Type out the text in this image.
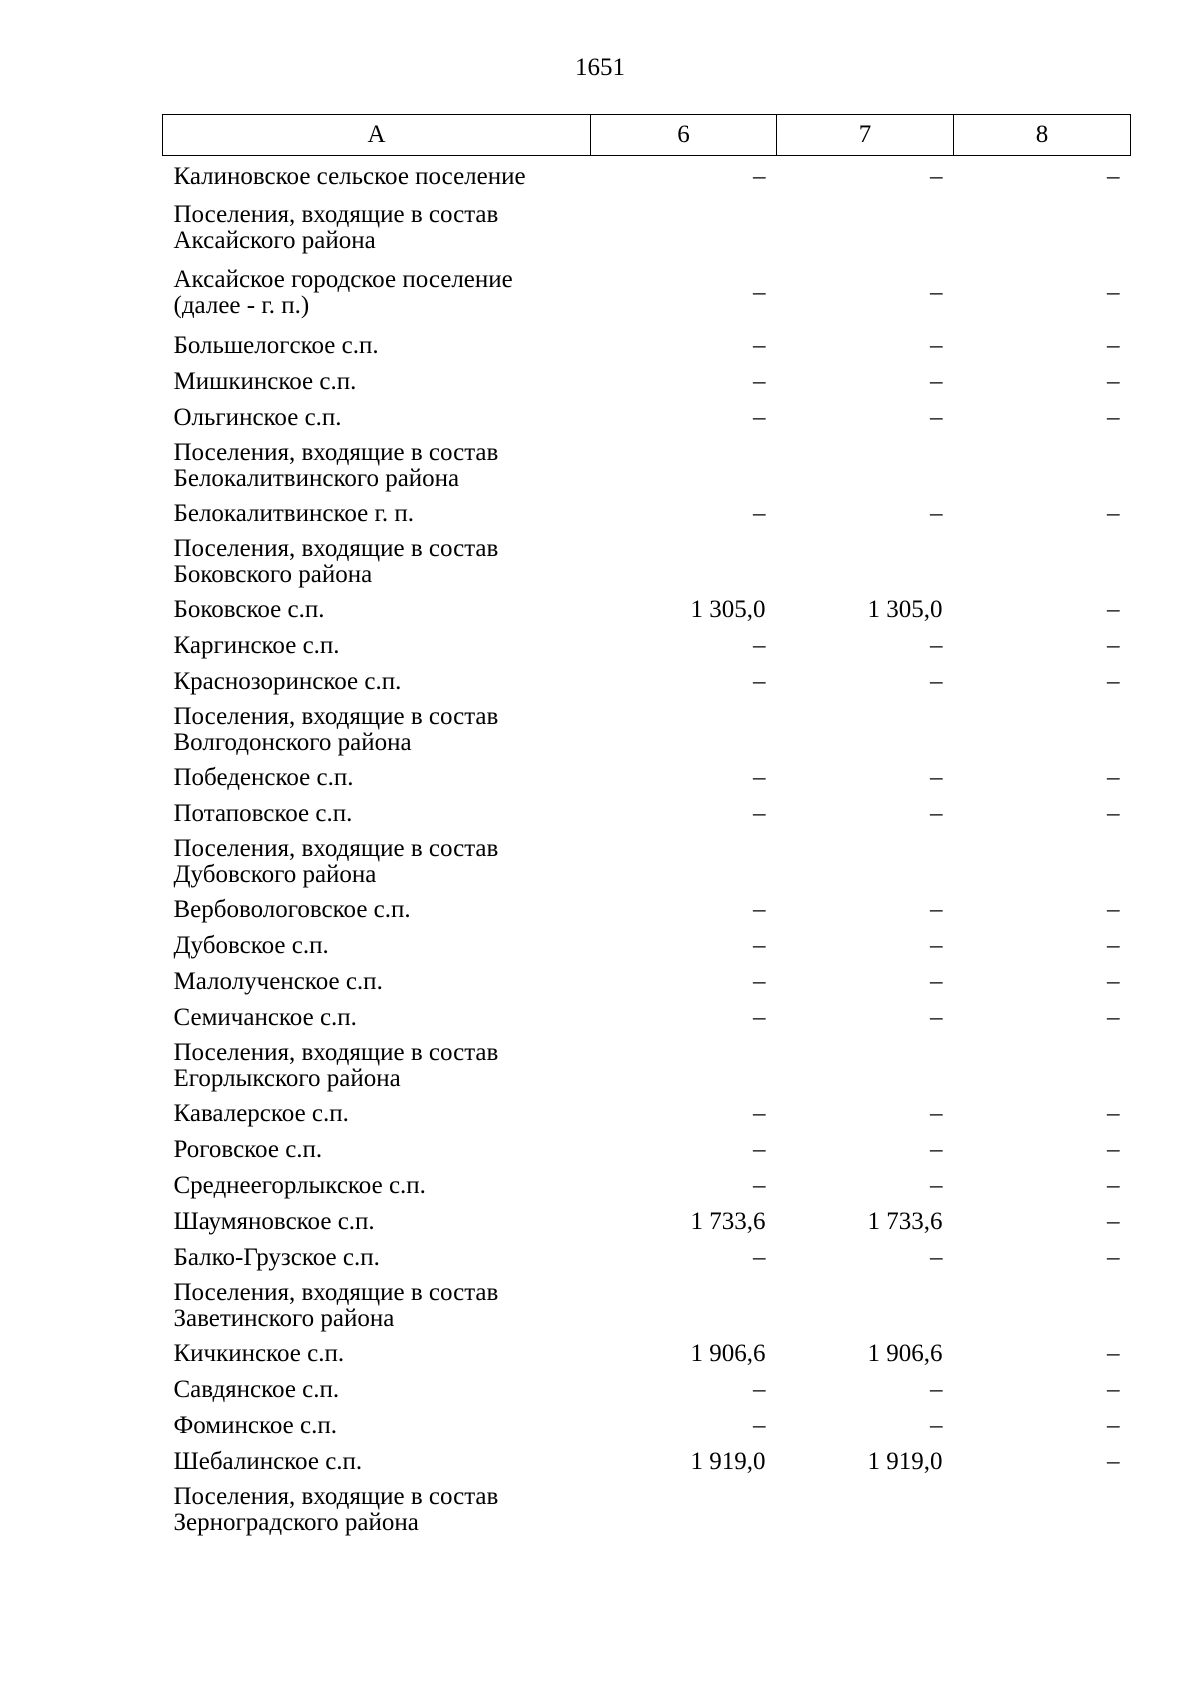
1651
А	6	7	8
Калиновское сельское поселение	–	–	–
Поселения, входящие в состав Аксайского района			
Аксайское городское поселение (далее - г. п.)	–	–	–
Большелогское с.п.	–	–	–
Мишкинское с.п.	–	–	–
Ольгинское с.п.	–	–	–
Поселения, входящие в состав Белокалитвинского района			
Белокалитвинское г. п.	–	–	–
Поселения, входящие в состав Боковского района			
Боковское с.п.	1 305,0	1 305,0	–
Каргинское с.п.	–	–	–
Краснозоринское с.п.	–	–	–
Поселения, входящие в состав Волгодонского района			
Победенское с.п.	–	–	–
Потаповское с.п.	–	–	–
Поселения, входящие в состав Дубовского района			
Вербовологовское с.п.	–	–	–
Дубовское с.п.	–	–	–
Малолученское с.п.	–	–	–
Семичанское с.п.	–	–	–
Поселения, входящие в состав Егорлыкского района			
Кавалерское с.п.	–	–	–
Роговское с.п.	–	–	–
Среднеегорлыкское с.п.	–	–	–
Шаумяновское с.п.	1 733,6	1 733,6	–
Балко-Грузское с.п.	–	–	–
Поселения, входящие в состав Заветинского района			
Кичкинское с.п.	1 906,6	1 906,6	–
Савдянское с.п.	–	–	–
Фоминское с.п.	–	–	–
Шебалинское с.п.	1 919,0	1 919,0	–
Поселения, входящие в состав Зерноградского района			
